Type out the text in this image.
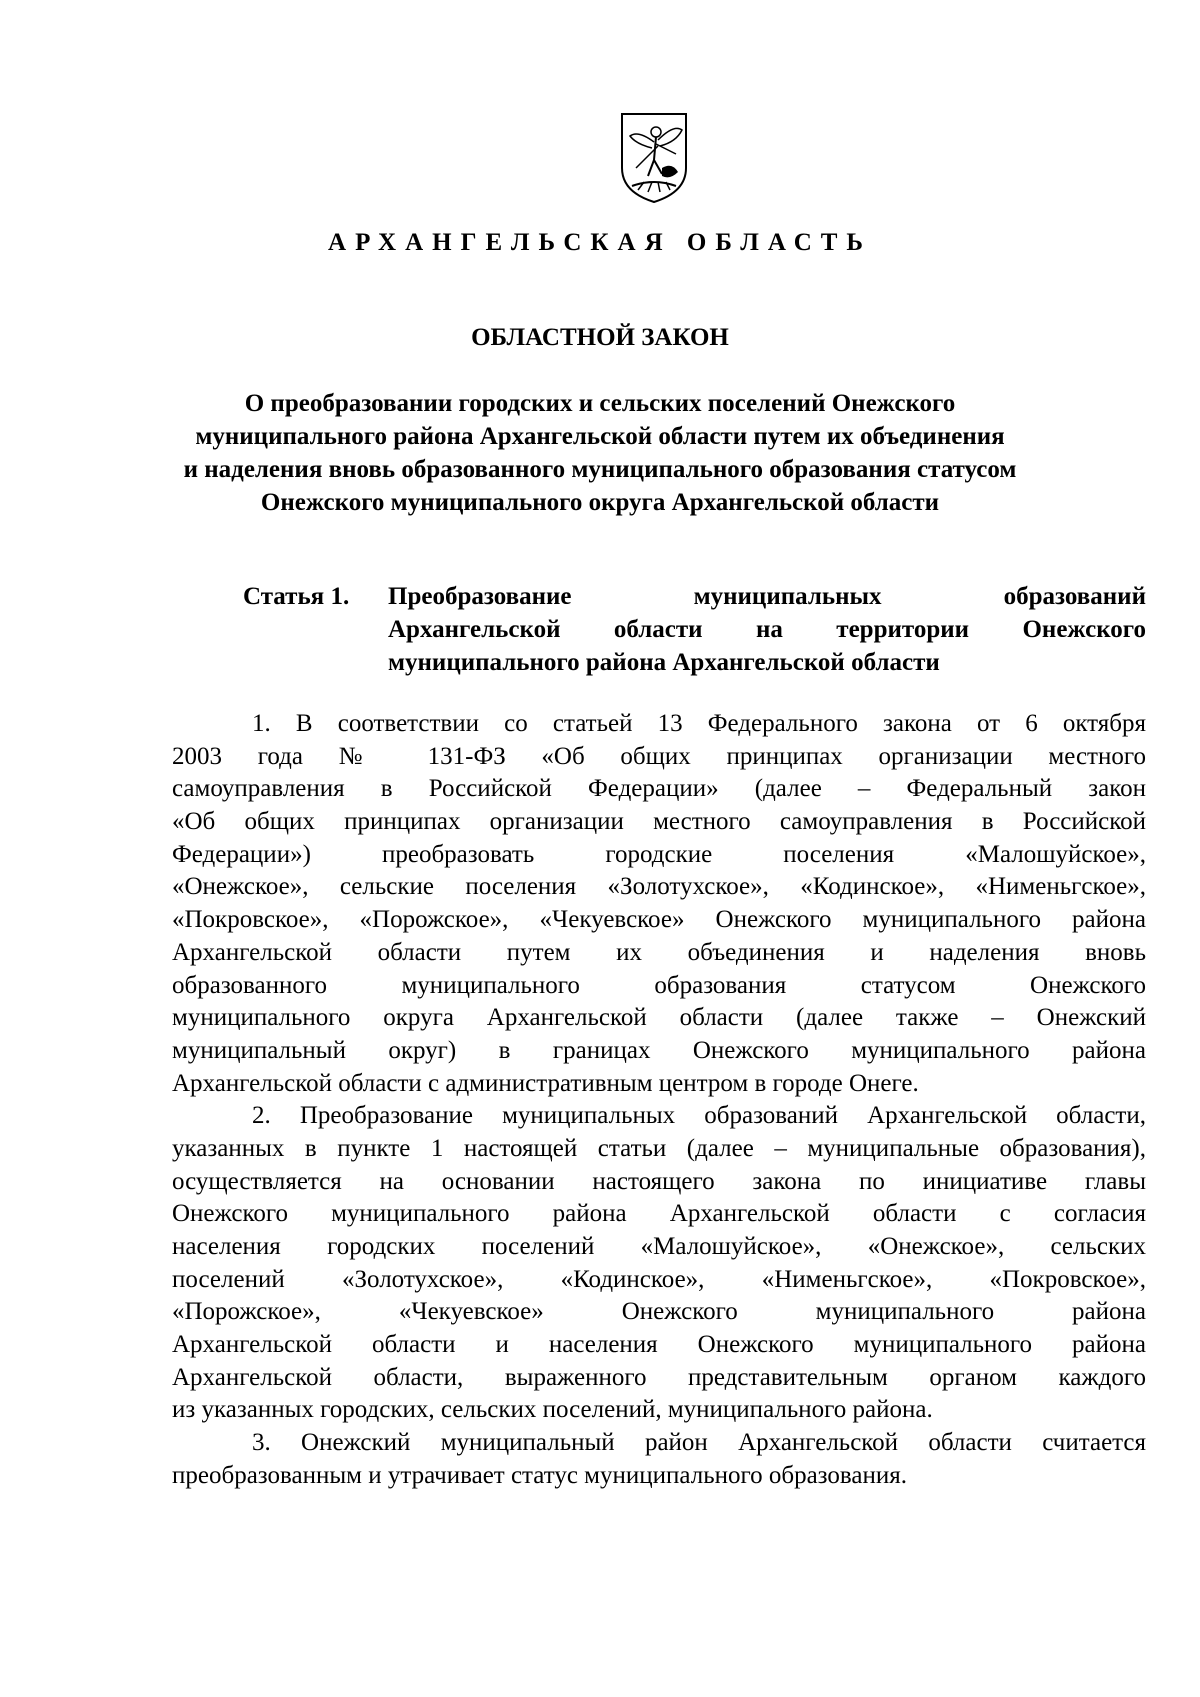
АРХАНГЕЛЬСКАЯ ОБЛАСТЬ
ОБЛАСТНОЙ ЗАКОН
О преобразовании городских и сельских поселений Онежского
муниципального района Архангельской области путем их объединения
и наделения вновь образованного муниципального образования статусом
Онежского муниципального округа Архангельской области
Статья 1. Преобразование муниципальных образований
Архангельской области на территории Онежского
муниципального района Архангельской области
1. В соответствии со статьей 13 Федерального закона от 6 октября
2003 года № 131-ФЗ «Об общих принципах организации местного
самоуправления в Российской Федерации» (далее – Федеральный закон
«Об общих принципах организации местного самоуправления в Российской
Федерации») преобразовать городские поселения «Малошуйское»,
«Онежское», сельские поселения «Золотухское», «Кодинское», «Нименьгское»,
«Покровское», «Порожское», «Чекуевское» Онежского муниципального района
Архангельской области путем их объединения и наделения вновь
образованного муниципального образования статусом Онежского
муниципального округа Архангельской области (далее также – Онежский
муниципальный округ) в границах Онежского муниципального района
Архангельской области с административным центром в городе Онеге.
2. Преобразование муниципальных образований Архангельской области,
указанных в пункте 1 настоящей статьи (далее – муниципальные образования),
осуществляется на основании настоящего закона по инициативе главы
Онежского муниципального района Архангельской области с согласия
населения городских поселений «Малошуйское», «Онежское», сельских
поселений «Золотухское», «Кодинское», «Нименьгское», «Покровское»,
«Порожское», «Чекуевское» Онежского муниципального района
Архангельской области и населения Онежского муниципального района
Архангельской области, выраженного представительным органом каждого
из указанных городских, сельских поселений, муниципального района.
3. Онежский муниципальный район Архангельской области считается
преобразованным и утрачивает статус муниципального образования.
